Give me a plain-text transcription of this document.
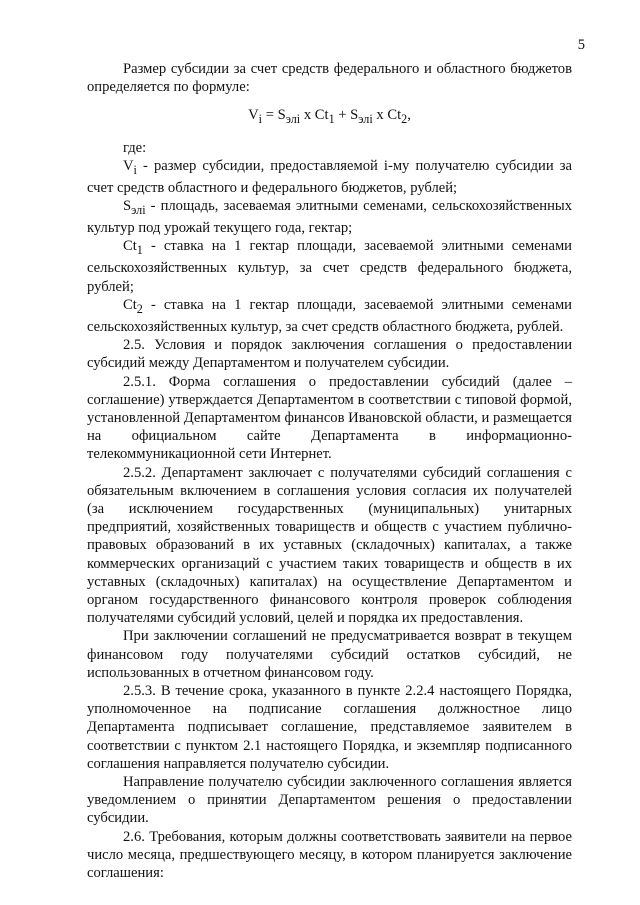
5

Размер субсидии за счет средств федерального и областного бюджетов определяется по формуле:

$V_i = S_{элі}$ х $Ct_1 + S_{элі}$ х $Ct_2$,

где:

$V_i$ - размер субсидии, предоставляемой i-му получателю субсидии за счет средств областного и федерального бюджетов, рублей;

$S_{элі}$ - площадь, засеваемая элитными семенами, сельскохозяйственных культур под урожай текущего года, гектар;

$Ct_1$ - ставка на 1 гектар площади, засеваемой элитными семенами сельскохозяйственных культур, за счет средств федерального бюджета, рублей;

$Ct_2$ - ставка на 1 гектар площади, засеваемой элитными семенами сельскохозяйственных культур, за счет средств областного бюджета, рублей.

2.5. Условия и порядок заключения соглашения о предоставлении субсидий между Департаментом и получателем субсидии.

2.5.1. Форма соглашения о предоставлении субсидий (далее – соглашение) утверждается Департаментом в соответствии с типовой формой, установленной Департаментом финансов Ивановской области, и размещается на официальном сайте Департамента в информационно-телекоммуникационной сети Интернет.

2.5.2. Департамент заключает с получателями субсидий соглашения с обязательным включением в соглашения условия согласия их получателей (за исключением государственных (муниципальных) унитарных предприятий, хозяйственных товариществ и обществ с участием публично-правовых образований в их уставных (складочных) капиталах, а также коммерческих организаций с участием таких товариществ и обществ в их уставных (складочных) капиталах) на осуществление Департаментом и органом государственного финансового контроля проверок соблюдения получателями субсидий условий, целей и порядка их предоставления.

При заключении соглашений не предусматривается возврат в текущем финансовом году получателями субсидий остатков субсидий, не использованных в отчетном финансовом году.

2.5.3. В течение срока, указанного в пункте 2.2.4 настоящего Порядка, уполномоченное на подписание соглашения должностное лицо Департамента подписывает соглашение, представляемое заявителем в соответствии с пунктом 2.1 настоящего Порядка, и экземпляр подписанного соглашения направляется получателю субсидии.

Направление получателю субсидии заключенного соглашения является уведомлением о принятии Департаментом решения о предоставлении субсидии.

2.6. Требования, которым должны соответствовать заявители на первое число месяца, предшествующего месяцу, в котором планируется заключение соглашения:
